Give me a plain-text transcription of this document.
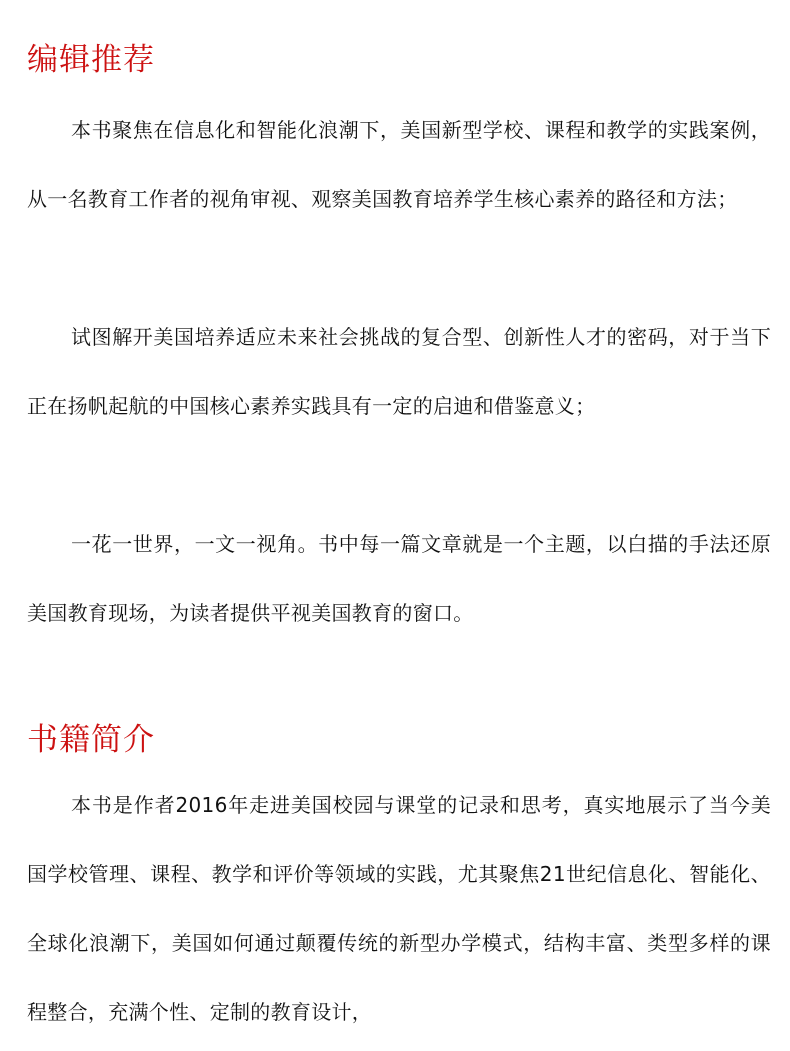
编辑推荐

本书聚焦在信息化和智能化浪潮下，美国新型学校、课程和教学的实践案例，从一名教育工作者的视角审视、观察美国教育培养学生核心素养的路径和方法；

试图解开美国培养适应未来社会挑战的复合型、创新性人才的密码，对于当下正在扬帆起航的中国核心素养实践具有一定的启迪和借鉴意义；

一花一世界，一文一视角。书中每一篇文章就是一个主题，以白描的手法还原美国教育现场，为读者提供平视美国教育的窗口。

书籍简介

本书是作者2016年走进美国校园与课堂的记录和思考，真实地展示了当今美国学校管理、课程、教学和评价等领域的实践，尤其聚焦21世纪信息化、智能化、全球化浪潮下，美国如何通过颠覆传统的新型办学模式，结构丰富、类型多样的课程整合，充满个性、定制的教育设计，
